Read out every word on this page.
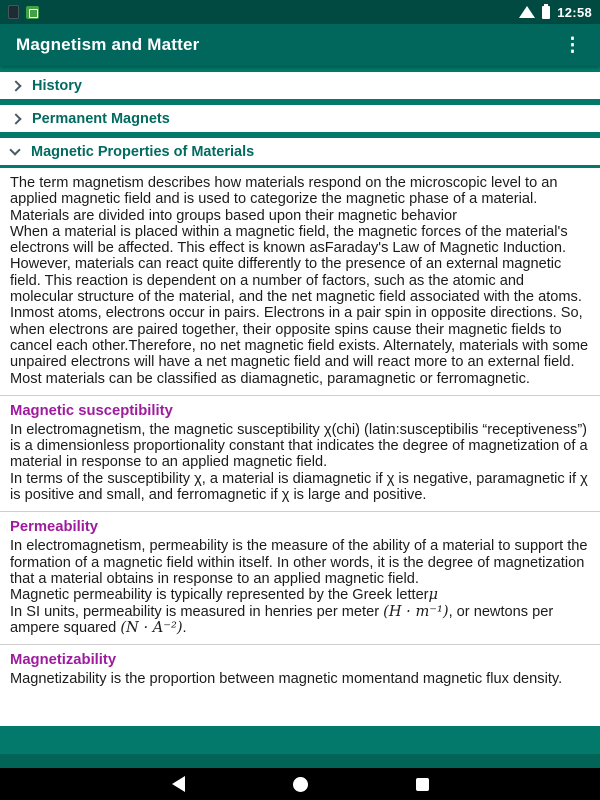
12:58
Magnetism and Matter	⋮
History
Permanent Magnets
Magnetic Properties of Materials

The term magnetism describes how materials respond on the microscopic level to an applied magnetic field and is used to categorize the magnetic phase of a material. Materials are divided into groups based upon their magnetic behavior

When a material is placed within a magnetic field, the magnetic forces of the material's electrons will be affected. This effect is known asFaraday's Law of Magnetic Induction. However, materials can react quite differently to the presence of an external magnetic field. This reaction is dependent on a number of factors, such as the atomic and molecular structure of the material, and the net magnetic field associated with the atoms.

Inmost atoms, electrons occur in pairs. Electrons in a pair spin in opposite directions. So, when electrons are paired together, their opposite spins cause their magnetic fields to cancel each other.Therefore, no net magnetic field exists. Alternately, materials with some unpaired electrons will have a net magnetic field and will react more to an external field. Most materials can be classified as diamagnetic, paramagnetic or ferromagnetic.

Magnetic susceptibility

In electromagnetism, the magnetic susceptibility χ(chi) (latin:susceptibilis “receptiveness”) is a dimensionless proportionality constant that indicates the degree of magnetization of a material in response to an applied magnetic field.

In terms of the susceptibility χ, a material is diamagnetic if χ is negative, paramagnetic if χ is positive and small, and ferromagnetic if χ is large and positive.

Permeability

In electromagnetism, permeability is the measure of the ability of a material to support the formation of a magnetic field within itself. In other words, it is the degree of magnetization that a material obtains in response to an applied magnetic field.

Magnetic permeability is typically represented by the Greek letterμ

In SI units, permeability is measured in henries per meter (H · m⁻¹), or newtons per ampere squared (N · A⁻²).

Magnetizability

Magnetizability is the proportion between magnetic momentand magnetic flux density.
